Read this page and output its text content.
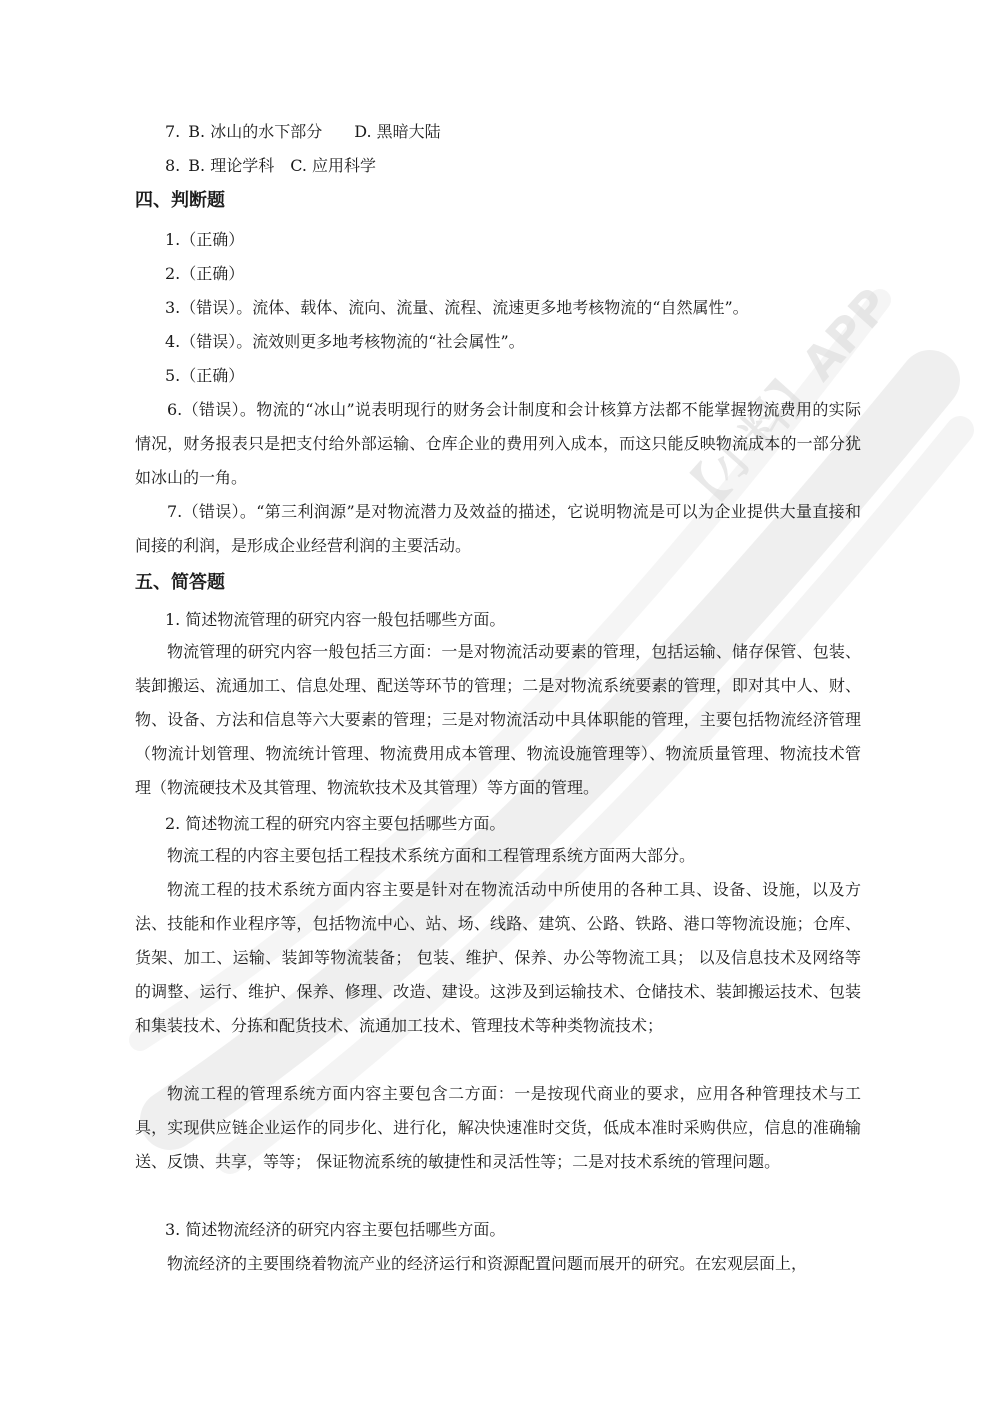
【小料】APP
7. B. 冰山的水下部分 D. 黑暗大陆
8. B. 理论学科 C. 应用科学
四、判断题
1.（正确）
2.（正确）
3.（错误）。流体、载体、流向、流量、流程、流速更多地考核物流的“自然属性”。
4.（错误）。流效则更多地考核物流的“社会属性”。
5.（正确）
6.（错误）。物流的“冰山”说表明现行的财务会计制度和会计核算方法都不能掌握物流费用的实际情况，财务报表只是把支付给外部运输、仓库企业的费用列入成本，而这只能反映物流成本的一部分犹如冰山的一角。
7.（错误）。“第三利润源”是对物流潜力及效益的描述，它说明物流是可以为企业提供大量直接和间接的利润，是形成企业经营利润的主要活动。
五、简答题
1. 简述物流管理的研究内容一般包括哪些方面。
物流管理的研究内容一般包括三方面：一是对物流活动要素的管理，包括运输、储存保管、包装、装卸搬运、流通加工、信息处理、配送等环节的管理；二是对物流系统要素的管理，即对其中人、财、物、设备、方法和信息等六大要素的管理；三是对物流活动中具体职能的管理，主要包括物流经济管理（物流计划管理、物流统计管理、物流费用成本管理、物流设施管理等）、物流质量管理、物流技术管理（物流硬技术及其管理、物流软技术及其管理）等方面的管理。
2. 简述物流工程的研究内容主要包括哪些方面。
物流工程的内容主要包括工程技术系统方面和工程管理系统方面两大部分。
物流工程的技术系统方面内容主要是针对在物流活动中所使用的各种工具、设备、设施，以及方法、技能和作业程序等，包括物流中心、站、场、线路、建筑、公路、铁路、港口等物流设施；仓库、货架、加工、运输、装卸等物流装备； 包装、维护、保养、办公等物流工具； 以及信息技术及网络等的调整、运行、维护、保养、修理、改造、建设。这涉及到运输技术、仓储技术、装卸搬运技术、包装和集装技术、分拣和配货技术、流通加工技术、管理技术等种类物流技术；
物流工程的管理系统方面内容主要包含二方面：一是按现代商业的要求，应用各种管理技术与工具，实现供应链企业运作的同步化、进行化，解决快速准时交货，低成本准时采购供应，信息的准确输送、反馈、共享，等等； 保证物流系统的敏捷性和灵活性等；二是对技术系统的管理问题。
3. 简述物流经济的研究内容主要包括哪些方面。
物流经济的主要围绕着物流产业的经济运行和资源配置问题而展开的研究。在宏观层面上，
